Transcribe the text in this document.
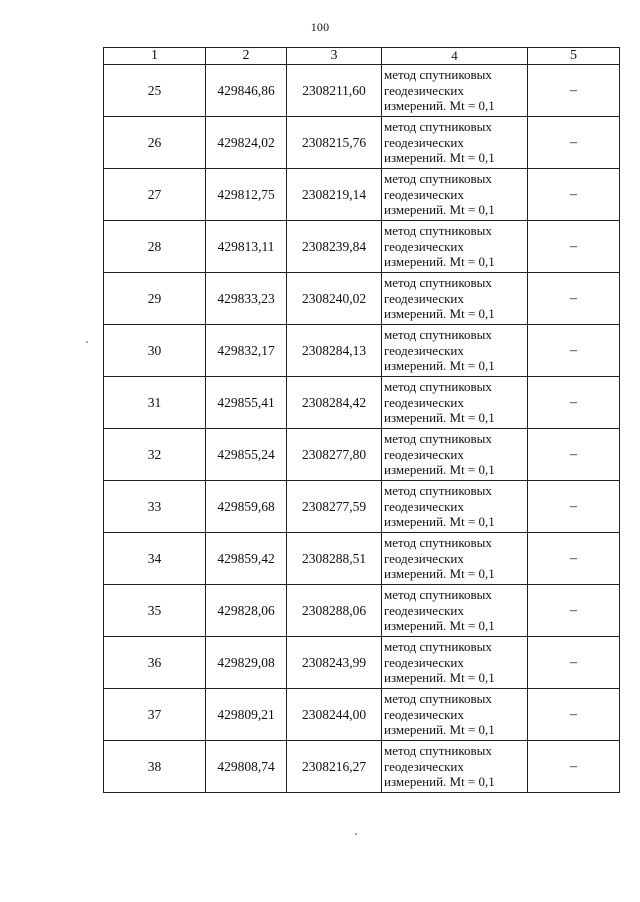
100
1	2	3	4	5
25	429846,86	2308211,60	метод спутниковых
геодезических
измерений. Mt = 0,1	–
26	429824,02	2308215,76	метод спутниковых
геодезических
измерений. Mt = 0,1	–
27	429812,75	2308219,14	метод спутниковых
геодезических
измерений. Mt = 0,1	–
28	429813,11	2308239,84	метод спутниковых
геодезических
измерений. Mt = 0,1	–
29	429833,23	2308240,02	метод спутниковых
геодезических
измерений. Mt = 0,1	–
30	429832,17	2308284,13	метод спутниковых
геодезических
измерений. Mt = 0,1	–
31	429855,41	2308284,42	метод спутниковых
геодезических
измерений. Mt = 0,1	–
32	429855,24	2308277,80	метод спутниковых
геодезических
измерений. Mt = 0,1	–
33	429859,68	2308277,59	метод спутниковых
геодезических
измерений. Mt = 0,1	–
34	429859,42	2308288,51	метод спутниковых
геодезических
измерений. Mt = 0,1	–
35	429828,06	2308288,06	метод спутниковых
геодезических
измерений. Mt = 0,1	–
36	429829,08	2308243,99	метод спутниковых
геодезических
измерений. Mt = 0,1	–
37	429809,21	2308244,00	метод спутниковых
геодезических
измерений. Mt = 0,1	–
38	429808,74	2308216,27	метод спутниковых
геодезических
измерений. Mt = 0,1	–
